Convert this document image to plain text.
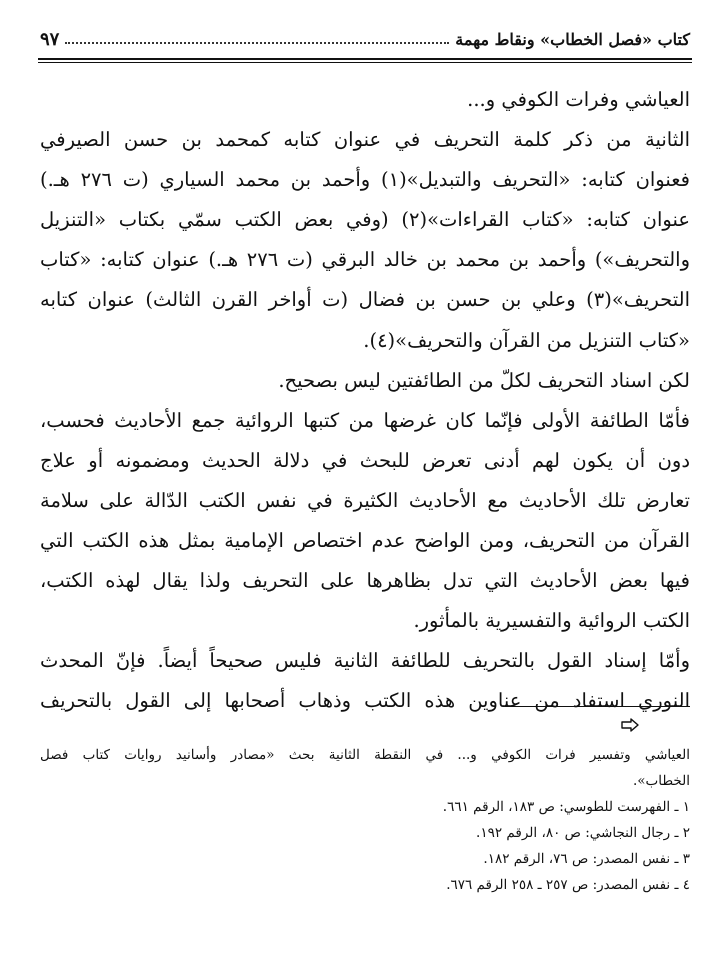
كتاب «فصل الخطاب» ونقاط مهمة
٩٧
العياشي وفرات الكوفي و...
الثانية من ذكر كلمة التحريف في عنوان كتابه كمحمد بن حسن الصيرفي
فعنوان كتابه: «التحريف والتبديل»(١) وأحمد بن محمد السياري (ت ٢٧٦ هـ.)
عنوان كتابه: «كتاب القراءات»(٢) (وفي بعض الكتب سمّي بكتاب «التنزيل
والتحريف») وأحمد بن محمد بن خالد البرقي (ت ٢٧٦ هـ.) عنوان كتابه: «كتاب
التحريف»(٣) وعلي بن حسن بن فضال (ت أواخر القرن الثالث) عنوان كتابه
«كتاب التنزيل من القرآن والتحريف»(٤).
لكن اسناد التحريف لكلّ من الطائفتين ليس بصحيح.
فأمّا الطائفة الأولى فإنّما كان غرضها من كتبها الروائية جمع الأحاديث فحسب،
دون أن يكون لهم أدنى تعرض للبحث في دلالة الحديث ومضمونه أو علاج
تعارض تلك الأحاديث مع الأحاديث الكثيرة في نفس الكتب الدّالة على سلامة
القرآن من التحريف، ومن الواضح عدم اختصاص الإمامية بمثل هذه الكتب التي
فيها بعض الأحاديث التي تدل بظاهرها على التحريف ولذا يقال لهذه الكتب،
الكتب الروائية والتفسيرية بالمأثور.
وأمّا إسناد القول بالتحريف للطائفة الثانية فليس صحيحاً أيضاً. فإنّ المحدث
النوري استفاد من عناوين هذه الكتب وذهاب أصحابها إلى القول بالتحريف
العياشي وتفسير فرات الكوفي و... في النقطة الثانية بحث «مصادر وأسانيد روايات كتاب فصل
الخطاب».
١ ـ الفهرست للطوسي: ص ١٨٣، الرقم ٦٦١.
٢ ـ رجال النجاشي: ص ٨٠، الرقم ١٩٢.
٣ ـ نفس المصدر: ص ٧٦، الرقم ١٨٢.
٤ ـ نفس المصدر: ص ٢٥٧ ـ ٢٥٨ الرقم ٦٧٦.
